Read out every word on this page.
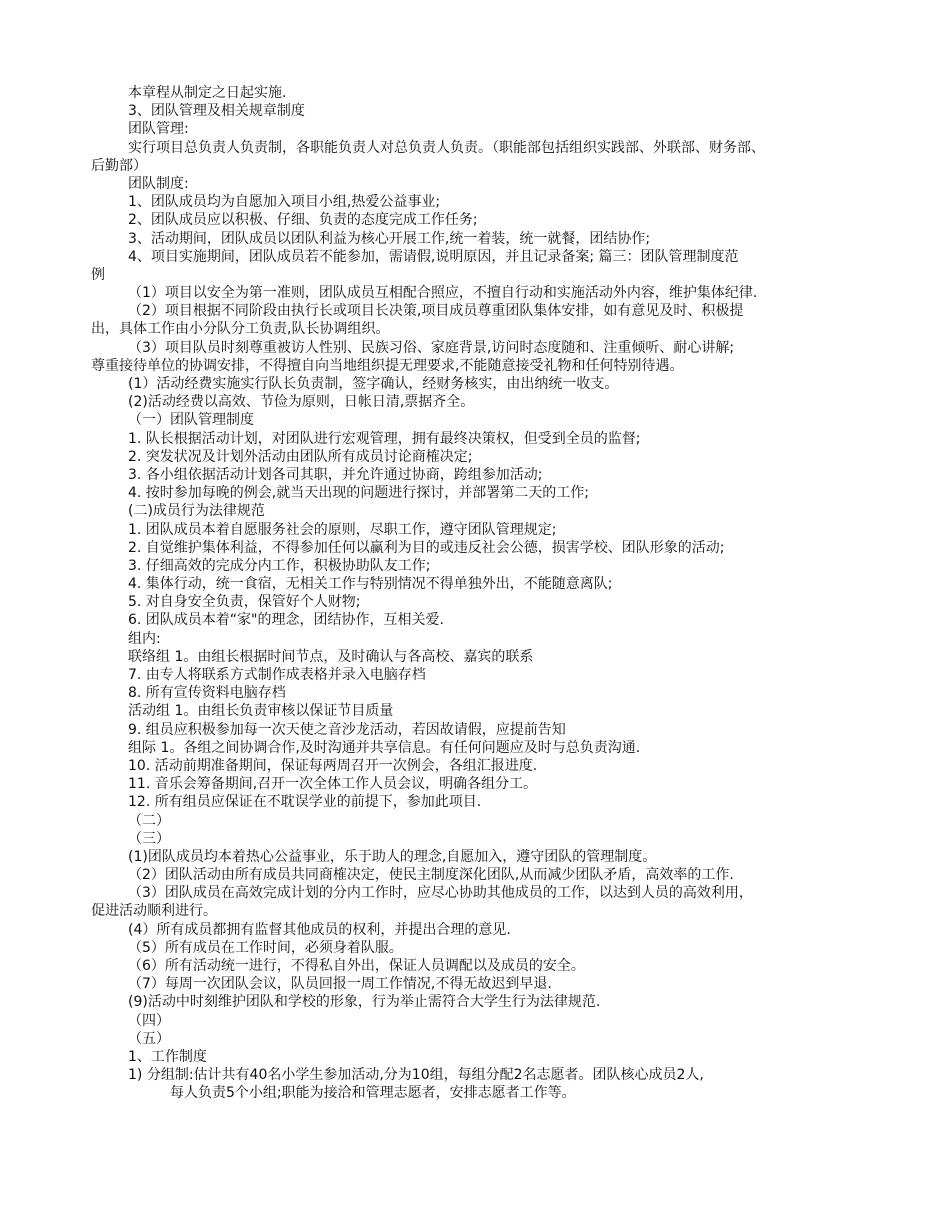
本章程从制定之日起实施.
3、团队管理及相关规章制度
团队管理:
实行项目总负责人负责制，各职能负责人对总负责人负责。（职能部包括组织实践部、外联部、财务部、
后勤部）
团队制度:
1、团队成员均为自愿加入项目小组,热爱公益事业;
2、团队成员应以积极、仔细、负责的态度完成工作任务;
3、活动期间，团队成员以团队利益为核心开展工作,统一着装，统一就餐，团结协作;
4、项目实施期间，团队成员若不能参加，需请假,说明原因，并且记录备案; 篇三：团队管理制度范
例
（1）项目以安全为第一准则，团队成员互相配合照应，不擅自行动和实施活动外内容，维护集体纪律.
（2）项目根据不同阶段由执行长或项目长决策,项目成员尊重团队集体安排，如有意见及时、积极提
出，具体工作由小分队分工负责,队长协调组织。
（3）项目队员时刻尊重被访人性别、民族习俗、家庭背景,访问时态度随和、注重倾听、耐心讲解;
尊重接待单位的协调安排，不得擅自向当地组织提无理要求,不能随意接受礼物和任何特别待遇。
(1）活动经费实施实行队长负责制，签字确认，经财务核实，由出纳统一收支。
(2)活动经费以高效、节俭为原则，日帐日清,票据齐全。
（一）团队管理制度
1. 队长根据活动计划，对团队进行宏观管理，拥有最终决策权，但受到全员的监督;
2. 突发状况及计划外活动由团队所有成员讨论商榷决定;
3. 各小组依据活动计划各司其职，并允许通过协商，跨组参加活动;
4. 按时参加每晚的例会,就当天出现的问题进行探讨，并部署第二天的工作;
(二)成员行为法律规范
1. 团队成员本着自愿服务社会的原则，尽职工作，遵守团队管理规定;
2. 自觉维护集体利益，不得参加任何以赢利为目的或违反社会公德，损害学校、团队形象的活动;
3. 仔细高效的完成分内工作，积极协助队友工作;
4. 集体行动，统一食宿，无相关工作与特别情况不得单独外出，不能随意离队;
5. 对自身安全负责，保管好个人财物;
6. 团队成员本着“家"的理念，团结协作，互相关爱.
组内:
联络组 1。由组长根据时间节点，及时确认与各高校、嘉宾的联系
7. 由专人将联系方式制作成表格并录入电脑存档
8. 所有宣传资料电脑存档
活动组 1。由组长负责审核以保证节目质量
9. 组员应积极参加每一次天使之音沙龙活动，若因故请假，应提前告知
组际 1。各组之间协调合作,及时沟通并共享信息。有任何问题应及时与总负责沟通.
10. 活动前期准备期间，保证每两周召开一次例会，各组汇报进度.
11. 音乐会筹备期间,召开一次全体工作人员会议，明确各组分工。
12. 所有组员应保证在不耽误学业的前提下，参加此项目.
（二）
（三）
(1)团队成员均本着热心公益事业，乐于助人的理念,自愿加入，遵守团队的管理制度。
（2）团队活动由所有成员共同商榷决定，使民主制度深化团队,从而减少团队矛盾，高效率的工作.
（3）团队成员在高效完成计划的分内工作时，应尽心协助其他成员的工作，以达到人员的高效利用，
促进活动顺利进行。
(4）所有成员都拥有监督其他成员的权利，并提出合理的意见.
（5）所有成员在工作时间，必须身着队服。
（6）所有活动统一进行，不得私自外出，保证人员调配以及成员的安全。
（7）每周一次团队会议，队员回报一周工作情况,不得无故迟到早退.
(9)活动中时刻维护团队和学校的形象，行为举止需符合大学生行为法律规范.
（四）
（五）
1、工作制度
1) 分组制:估计共有40名小学生参加活动,分为10组，每组分配2名志愿者。团队核心成员2人,
每人负责5个小组;职能为接洽和管理志愿者，安排志愿者工作等。
